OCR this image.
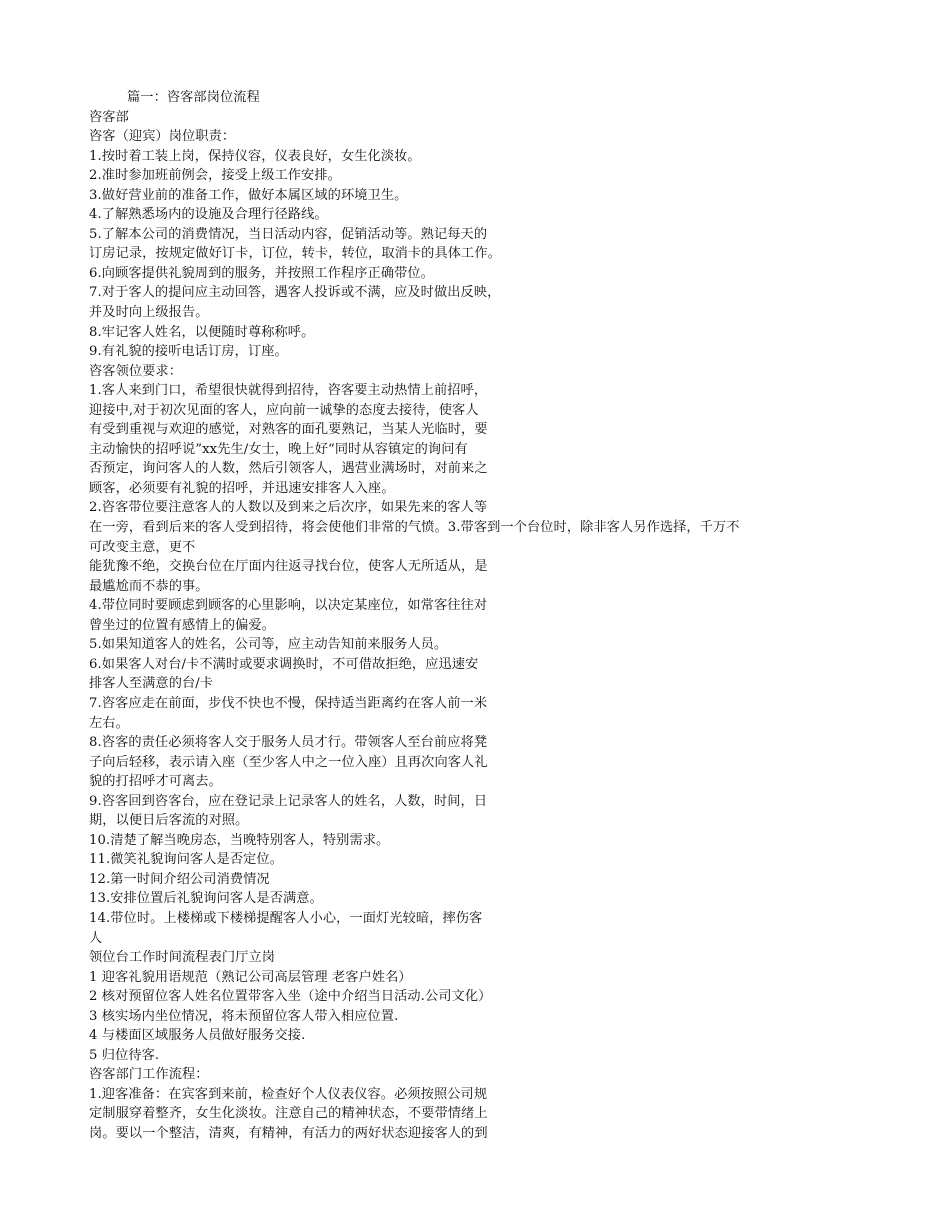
篇一：咨客部岗位流程
咨客部
咨客（迎宾）岗位职责：
1.按时着工装上岗，保持仪容，仪表良好，女生化淡妆。
2.准时参加班前例会，接受上级工作安排。
3.做好营业前的准备工作，做好本属区域的环境卫生。
4.了解熟悉场内的设施及合理行径路线。
5.了解本公司的消费情况，当日活动内容，促销活动等。熟记每天的
订房记录，按规定做好订卡，订位，转卡，转位，取消卡的具体工作。
6.向顾客提供礼貌周到的服务，并按照工作程序正确带位。
7.对于客人的提问应主动回答，遇客人投诉或不满，应及时做出反映，
并及时向上级报告。
8.牢记客人姓名，以便随时尊称称呼。
9.有礼貌的接听电话订房，订座。
咨客领位要求：
1.客人来到门口，希望很快就得到招待，咨客要主动热情上前招呼，
迎接中,对于初次见面的客人，应向前一诚挚的态度去接待，使客人
有受到重视与欢迎的感觉，对熟客的面孔要熟记，当某人光临时，要
主动愉快的招呼说”xx先生/女士，晚上好“同时从容镇定的询问有
否预定，询问客人的人数，然后引领客人，遇营业满场时，对前来之
顾客，必须要有礼貌的招呼，并迅速安排客人入座。
2.咨客带位要注意客人的人数以及到来之后次序，如果先来的客人等
在一旁，看到后来的客人受到招待，将会使他们非常的气愤。3.带客到一个台位时，除非客人另作选择，千万不
可改变主意，更不
能犹豫不绝，交换台位在厅面内往返寻找台位，使客人无所适从，是
最尴尬而不恭的事。
4.带位同时要顾虑到顾客的心里影响，以决定某座位，如常客往往对
曾坐过的位置有感情上的偏爱。
5.如果知道客人的姓名，公司等，应主动告知前来服务人员。
6.如果客人对台/卡不满时或要求调换时，不可借故拒绝，应迅速安
排客人至满意的台/卡
7.咨客应走在前面，步伐不快也不慢，保持适当距离约在客人前一米
左右。
8.咨客的责任必须将客人交于服务人员才行。带领客人至台前应将凳
子向后轻移，表示请入座（至少客人中之一位入座）且再次向客人礼
貌的打招呼才可离去。
9.咨客回到咨客台，应在登记录上记录客人的姓名，人数，时间，日
期，以便日后客流的对照。
10.清楚了解当晚房态，当晚特别客人，特别需求。
11.微笑礼貌询问客人是否定位。
12.第一时间介绍公司消费情况
13.安排位置后礼貌询问客人是否满意。
14.带位时。上楼梯或下楼梯提醒客人小心，一面灯光较暗，摔伤客
人
领位台工作时间流程表门厅立岗
1 迎客礼貌用语规范（熟记公司高层管理 老客户姓名）
2 核对预留位客人姓名位置带客入坐（途中介绍当日活动.公司文化）
3 核实场内坐位情况，将未预留位客人带入相应位置.
4 与楼面区域服务人员做好服务交接.
5 归位待客.
咨客部门工作流程：
1.迎客准备：在宾客到来前，检查好个人仪表仪容。必须按照公司规
定制服穿着整齐，女生化淡妆。注意自己的精神状态，不要带情绪上
岗。要以一个整洁，清爽，有精神，有活力的两好状态迎接客人的到
